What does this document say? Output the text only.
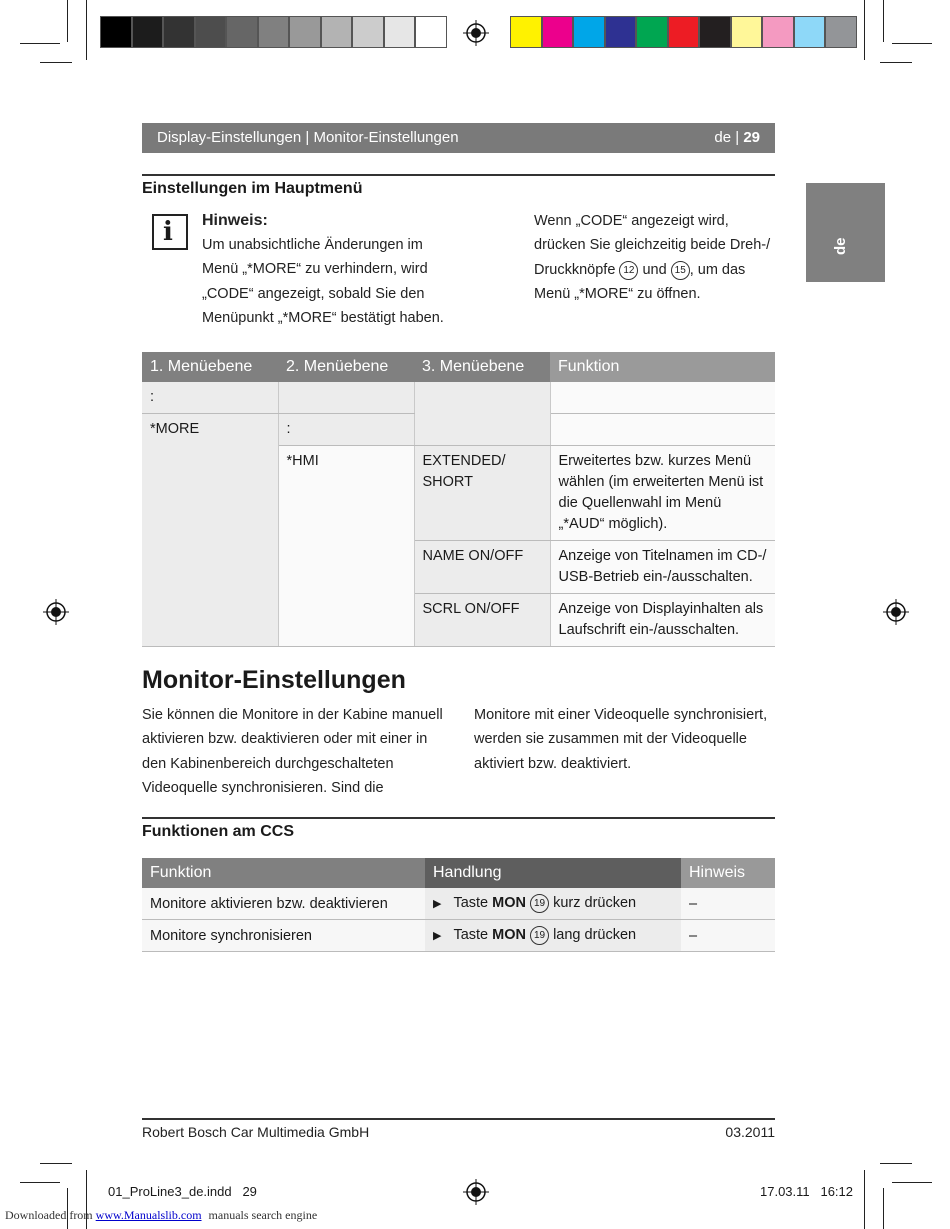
Display-Einstellungen | Monitor-Einstellungen	de | 29
de
Einstellungen im Hauptmenü
i Hinweis:
Um unabsichtliche Änderungen im
Menü „*MORE“ zu verhindern, wird
„CODE“ angezeigt, sobald Sie den
Menüpunkt „*MORE“ bestätigt haben.
Wenn „CODE“ angezeigt wird,
drücken Sie gleichzeitig beide Dreh-/
Druckknöpfe 12 und 15 , um das
Menü „*MORE“ zu öffnen.
1. Menüebene	2. Menüebene	3. Menüebene	Funktion
:			
*MORE	:		
	*HMI	EXTENDED/ SHORT	Erweitertes bzw. kurzes Menü wählen (im erweiterten Menü ist die Quellenwahl im Menü „*AUD“ möglich).
		NAME ON/OFF	Anzeige von Titelnamen im CD-/ USB-Betrieb ein-/ausschalten.
		SCRL ON/OFF	Anzeige von Displayinhalten als Laufschrift ein-/ausschalten.
Monitor-Einstellungen
Sie können die Monitore in der Kabine manuell
aktivieren bzw. deaktivieren oder mit einer in
den Kabinenbereich durchgeschalteten
Videoquelle synchronisieren. Sind die
Monitore mit einer Videoquelle synchronisiert,
werden sie zusammen mit der Videoquelle
aktiviert bzw. deaktiviert.
Funktionen am CCS
Funktion	Handlung	Hinweis
Monitore aktivieren bzw. deaktivieren	▶ Taste MON 19 kurz drücken	–
Monitore synchronisieren	▶ Taste MON 19 lang drücken	–
Robert Bosch Car Multimedia GmbH	03.2011
01_ProLine3_de.indd   29	17.03.11   16:12
Downloaded from www.Manualslib.com manuals search engine
